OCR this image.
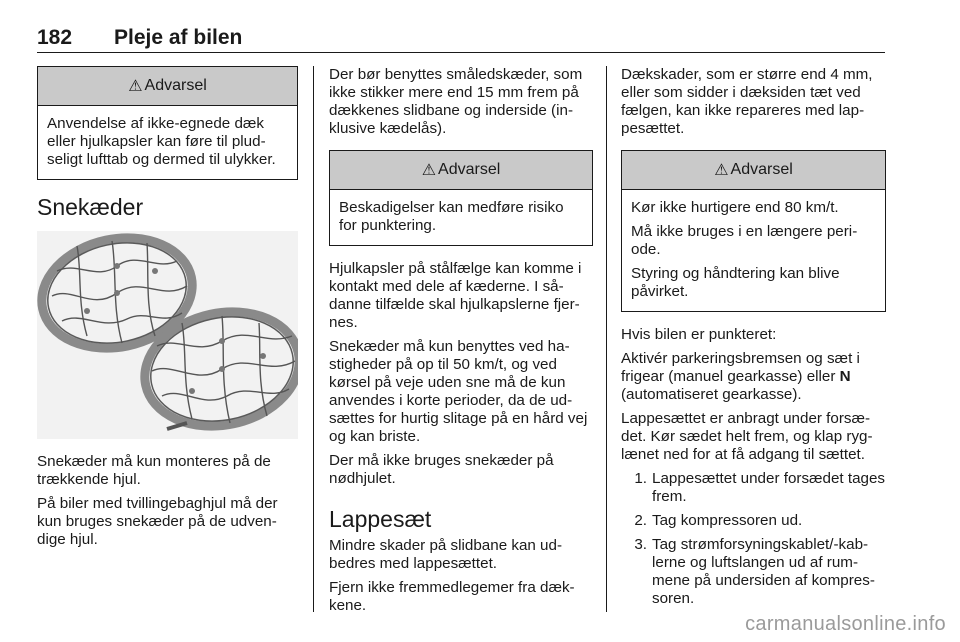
182 Pleje af bilen
⚠ Advarsel

Anvendelse af ikke-egnede dæk eller hjulkapsler kan føre til pludseligt lufttab og dermed til ulykker.

Snekæder

Snekæder må kun monteres på de trækkende hjul.

På biler med tvillingebaghjul må der kun bruges snekæder på de udvendige hjul.

Der bør benyttes småledskæder, som ikke stikker mere end 15 mm frem på dækkenes slidbane og inderside (inklusive kædelås).

⚠ Advarsel

Beskadigelser kan medføre risiko for punktering.

Hjulkapsler på stålfælge kan komme i kontakt med dele af kæderne. I sådanne tilfælde skal hjulkapslerne fjernes.

Snekæder må kun benyttes ved hastigheder på op til 50 km/t, og ved kørsel på veje uden sne må de kun anvendes i korte perioder, da de udsættes for hurtig slitage på en hård vej og kan briste.

Der må ikke bruges snekæder på nødhjulet.

Lappesæt

Mindre skader på slidbane kan udbedres med lappesættet.

Fjern ikke fremmedlegemer fra dækkene.

Dækskader, som er større end 4 mm, eller som sidder i dæksiden tæt ved fælgen, kan ikke repareres med lappesættet.

⚠ Advarsel

Kør ikke hurtigere end 80 km/t.

Må ikke bruges i en længere periode.

Styring og håndtering kan blive påvirket.

Hvis bilen er punkteret:

Aktivér parkeringsbremsen og sæt i frigear (manuel gearkasse) eller N (automatiseret gearkasse).

Lappesættet er anbragt under forsædet. Kør sædet helt frem, og klap ryglænet ned for at få adgang til sættet.

1. Lappesættet under forsædet tages frem.
2. Tag kompressoren ud.
3. Tag strømforsyningskablet/-kablerne og luftslangen ud af rummene på undersiden af kompressoren.
carmanualsonline.info
